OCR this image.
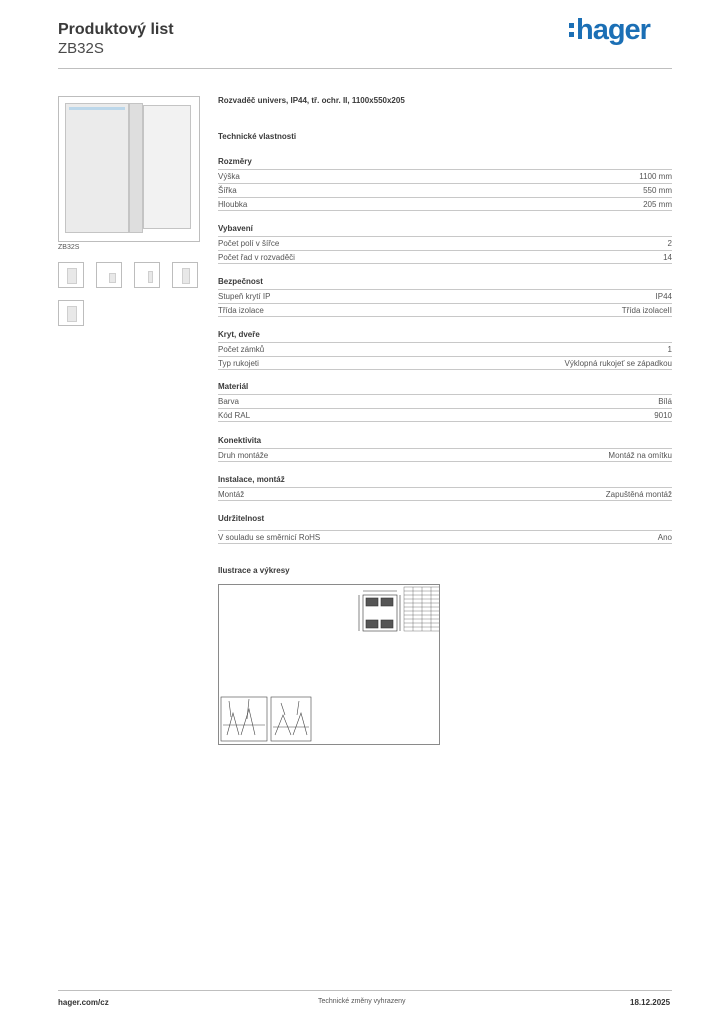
Produktový list
ZB32S
hager
ZB32S
Rozvaděč univers, IP44, tř. ochr. II, 1100x550x205
Technické vlastnosti
Rozměry
Výška	1100 mm
Šířka	550 mm
Hloubka	205 mm
Vybavení
Počet polí v šířce	2
Počet řad v rozvaděči	14
Bezpečnost
Stupeň krytí IP	IP44
Třída izolace	Třída izolaceII
Kryt, dveře
Počet zámků	1
Typ rukojeti	Výklopná rukojeť se západkou
Materiál
Barva	Bílá
Kód RAL	9010
Konektivita
Druh montáže	Montáž na omítku
Instalace, montáž
Montáž	Zapuštěná montáž
Udržitelnost
V souladu se směrnicí RoHS	Ano
Ilustrace a výkresy
hager.com/cz	Technické změny vyhrazeny	18.12.2025
